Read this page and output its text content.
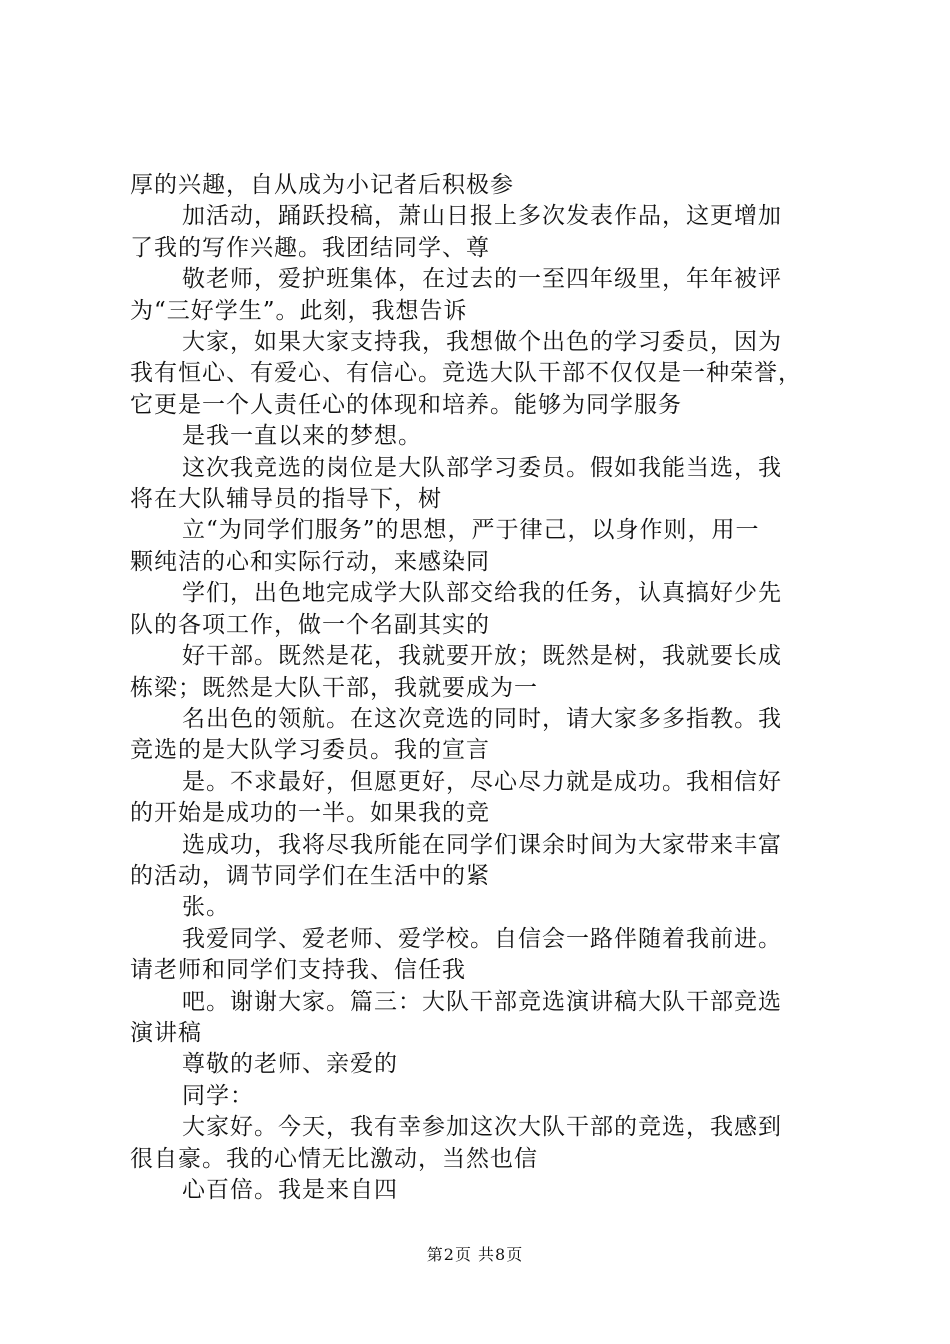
厚的兴趣，自从成为小记者后积极参
加活动，踊跃投稿，萧山日报上多次发表作品，这更增加
了我的写作兴趣。我团结同学、尊
敬老师，爱护班集体，在过去的一至四年级里，年年被评
为“三好学生”。此刻，我想告诉
大家，如果大家支持我，我想做个出色的学习委员，因为
我有恒心、有爱心、有信心。竞选大队干部不仅仅是一种荣誉，
它更是一个人责任心的体现和培养。能够为同学服务
是我一直以来的梦想。
这次我竞选的岗位是大队部学习委员。假如我能当选，我
将在大队辅导员的指导下，树
立“为同学们服务”的思想，严于律己，以身作则，用一
颗纯洁的心和实际行动，来感染同
学们，出色地完成学大队部交给我的任务，认真搞好少先
队的各项工作，做一个名副其实的
好干部。既然是花，我就要开放；既然是树，我就要长成
栋梁；既然是大队干部，我就要成为一
名出色的领航。在这次竞选的同时，请大家多多指教。我
竞选的是大队学习委员。我的宣言
是。不求最好，但愿更好，尽心尽力就是成功。我相信好
的开始是成功的一半。如果我的竞
选成功，我将尽我所能在同学们课余时间为大家带来丰富
的活动，调节同学们在生活中的紧
张。
我爱同学、爱老师、爱学校。自信会一路伴随着我前进。
请老师和同学们支持我、信任我
吧。谢谢大家。篇三：大队干部竞选演讲稿大队干部竞选
演讲稿
尊敬的老师、亲爱的
同学：
大家好。今天，我有幸参加这次大队干部的竞选，我感到
很自豪。我的心情无比激动，当然也信
心百倍。我是来自四
第2页 共8页
